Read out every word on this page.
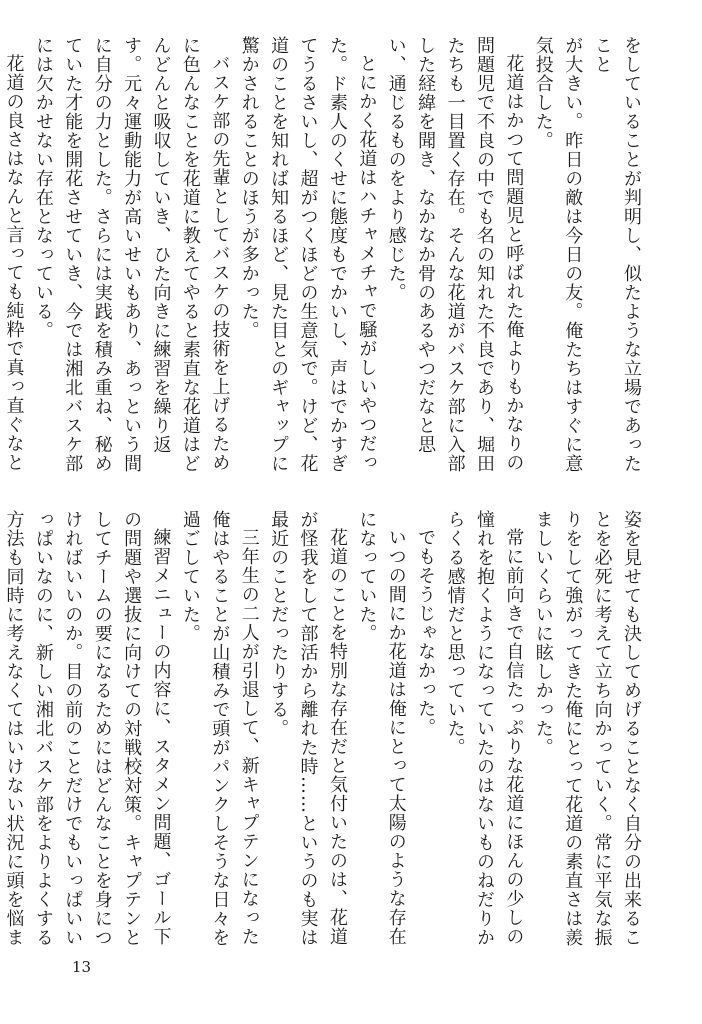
をしていることが判明し、似たような立場であったこと

が大きい。昨日の敵は今日の友。俺たちはすぐに意気投合した。

花道はかつて問題児と呼ばれた俺よりもかなりの問題児で不良の中でも名の知れた不良であり、堀田たちも一目置く存在。そんな花道がバスケ部に入部した経緯を聞き、なかなか骨のあるやつだなと思い、通じるものをより感じた。

とにかく花道はハチャメチャで騒がしいやつだった。ド素人のくせに態度もでかいし、声はでかすぎてうるさいし、超がつくほどの生意気で。けど、花道のことを知れば知るほど、見た目とのギャップに驚かされることのほうが多かった。

バスケ部の先輩としてバスケの技術を上げるために色んなことを花道に教えてやると素直な花道はどんどんと吸収していき、ひた向きに練習を繰り返す。元々運動能力が高いせいもあり、あっという間に自分の力とした。さらには実践を積み重ね、秘めていた才能を開花させていき、今では湘北バスケ部には欠かせない存在となっている。

花道の良さはなんと言っても純粋で真っ直ぐなと

姿を見せても決してめげることなく自分の出来ることを必死に考えて立ち向かっていく。常に平気な振りをして強がってきた俺にとって花道の素直さは羨ましいくらいに眩しかった。

常に前向きで自信たっぷりな花道にほんの少しの憧れを抱くようになっていたのはないものねだりからくる感情だと思っていた。

でもそうじゃなかった。

いつの間にか花道は俺にとって太陽のような存在になっていた。

花道のことを特別な存在だと気付いたのは、花道が怪我をして部活から離れた時……というのも実は最近のことだったりする。

三年生の二人が引退して、新キャプテンになった俺はやることが山積みで頭がパンクしそうな日々を過ごしていた。

練習メニューの内容に、スタメン問題、ゴール下の問題や選抜に向けての対戦校対策。キャプテンとしてチームの要になるためにはどんなことを身につければいいのか。目の前のことだけでもいっぱいいっぱいなのに、新しい湘北バスケ部をよりよくする方法も同時に考えなくてはいけない状況に頭を悩ま

13
